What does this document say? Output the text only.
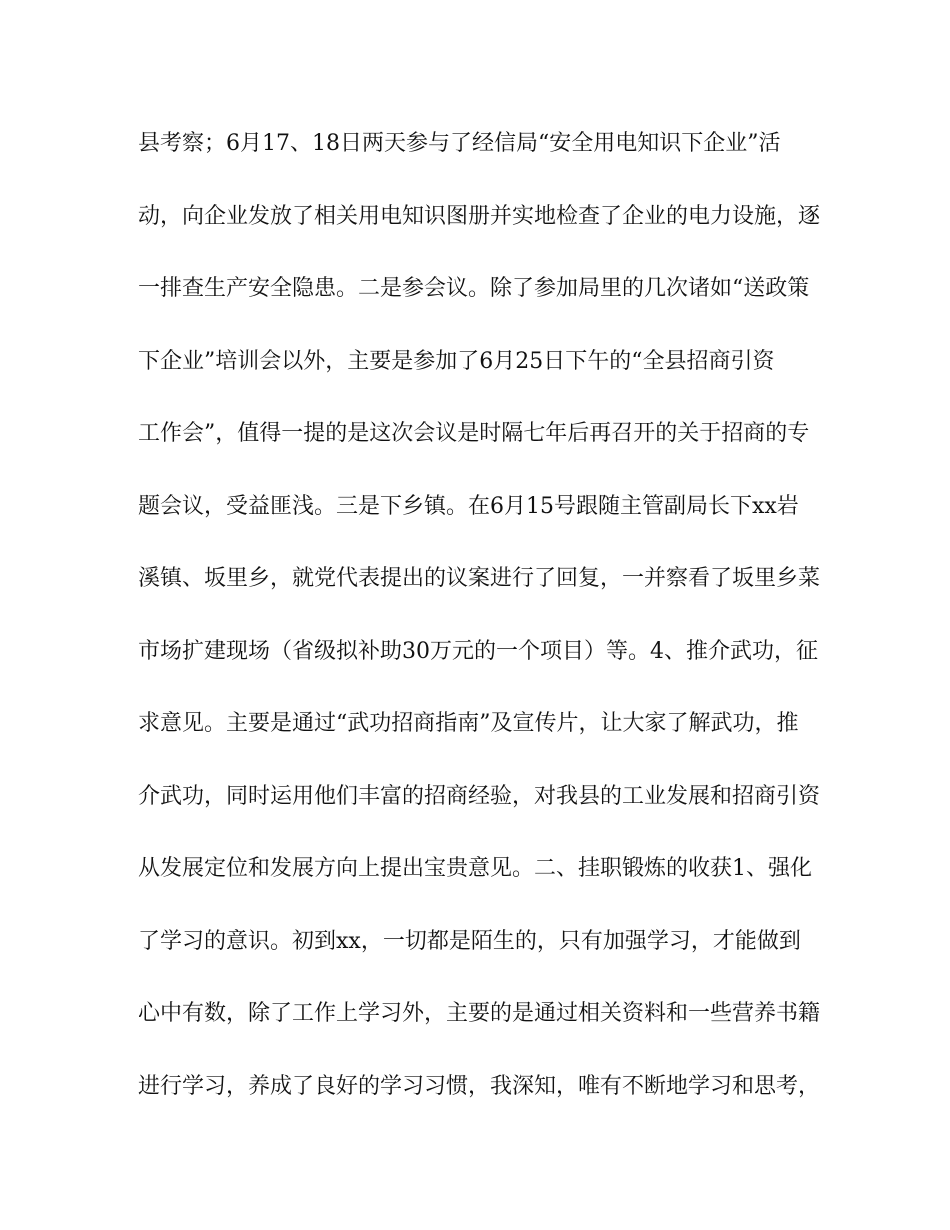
县考察；6月17、18日两天参与了经信局“安全用电知识下企业”活
动，向企业发放了相关用电知识图册并实地检查了企业的电力设施，逐
一排查生产安全隐患。二是参会议。除了参加局里的几次诸如“送政策
下企业”培训会以外，主要是参加了6月25日下午的“全县招商引资
工作会”，值得一提的是这次会议是时隔七年后再召开的关于招商的专
题会议，受益匪浅。三是下乡镇。在6月15号跟随主管副局长下xx岩
溪镇、坂里乡，就党代表提出的议案进行了回复，一并察看了坂里乡菜
市场扩建现场（省级拟补助30万元的一个项目）等。4、推介武功，征
求意见。主要是通过“武功招商指南”及宣传片，让大家了解武功，推
介武功，同时运用他们丰富的招商经验，对我县的工业发展和招商引资
从发展定位和发展方向上提出宝贵意见。二、挂职锻炼的收获1、强化
了学习的意识。初到xx，一切都是陌生的，只有加强学习，才能做到
心中有数，除了工作上学习外，主要的是通过相关资料和一些营养书籍
进行学习，养成了良好的学习习惯，我深知，唯有不断地学习和思考，
